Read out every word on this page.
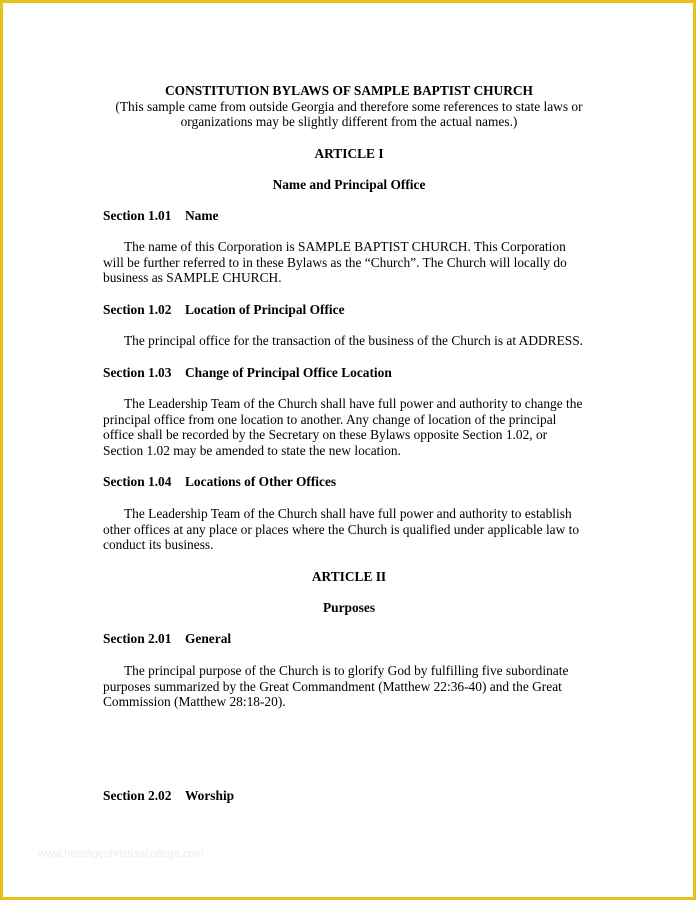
CONSTITUTION BYLAWS OF SAMPLE BAPTIST CHURCH
(This sample came from outside Georgia and therefore some references to state laws or
organizations may be slightly different from the actual names.)
ARTICLE I
Name and Principal Office
Section 1.01 Name

The name of this Corporation is SAMPLE BAPTIST CHURCH. This Corporation

will be further referred to in these Bylaws as the “Church”. The Church will locally do
business as SAMPLE CHURCH.
Section 1.02 Location of Principal Office

The principal office for the transaction of the business of the Church is at ADDRESS.

Section 1.03 Change of Principal Office Location

The Leadership Team of the Church shall have full power and authority to change the

principal office from one location to another. Any change of location of the principal
office shall be recorded by the Secretary on these Bylaws opposite Section 1.02, or
Section 1.02 may be amended to state the new location.
Section 1.04 Locations of Other Offices

The Leadership Team of the Church shall have full power and authority to establish

other offices at any place or places where the Church is qualified under applicable law to
conduct its business.
ARTICLE II
Purposes
Section 2.01 General

The principal purpose of the Church is to glorify God by fulfilling five subordinate

purposes summarized by the Great Commandment (Matthew 22:36-40) and the Great
Commission (Matthew 28:18-20).
Section 2.02 Worship
www.heritagechristiancollege.com
